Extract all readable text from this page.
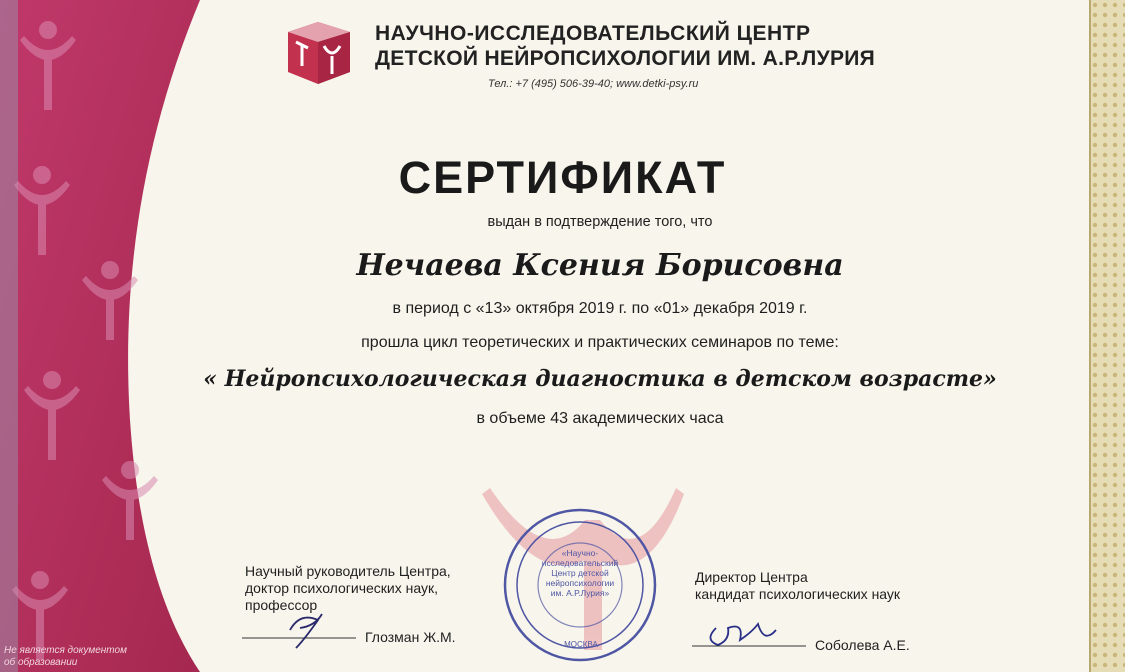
НАУЧНО-ИССЛЕДОВАТЕЛЬСКИЙ ЦЕНТР
ДЕТСКОЙ НЕЙРОПСИХОЛОГИИ ИМ. А.Р.ЛУРИЯ
Тел.: +7 (495) 506-39-40; www.detki-psy.ru
СЕРТИФИКАТ
выдан в подтверждение того, что
Нечаева Ксения Борисовна
в период с «13» октября 2019 г. по «01» декабря 2019 г.
прошла цикл теоретических и практических семинаров по теме:
« Нейропсихологическая диагностика в детском возрасте»
в объеме 43 академических часа
«Научно-
исследовательский
Центр детской
нейропсихологии
им. А.Р.Лурия»
МОСКВА
Научный руководитель Центра,
доктор психологических наук,
профессор
Глозман Ж.М.
Директор Центра
кандидат психологических наук
Соболева А.Е.
Не является документом
об образовании
